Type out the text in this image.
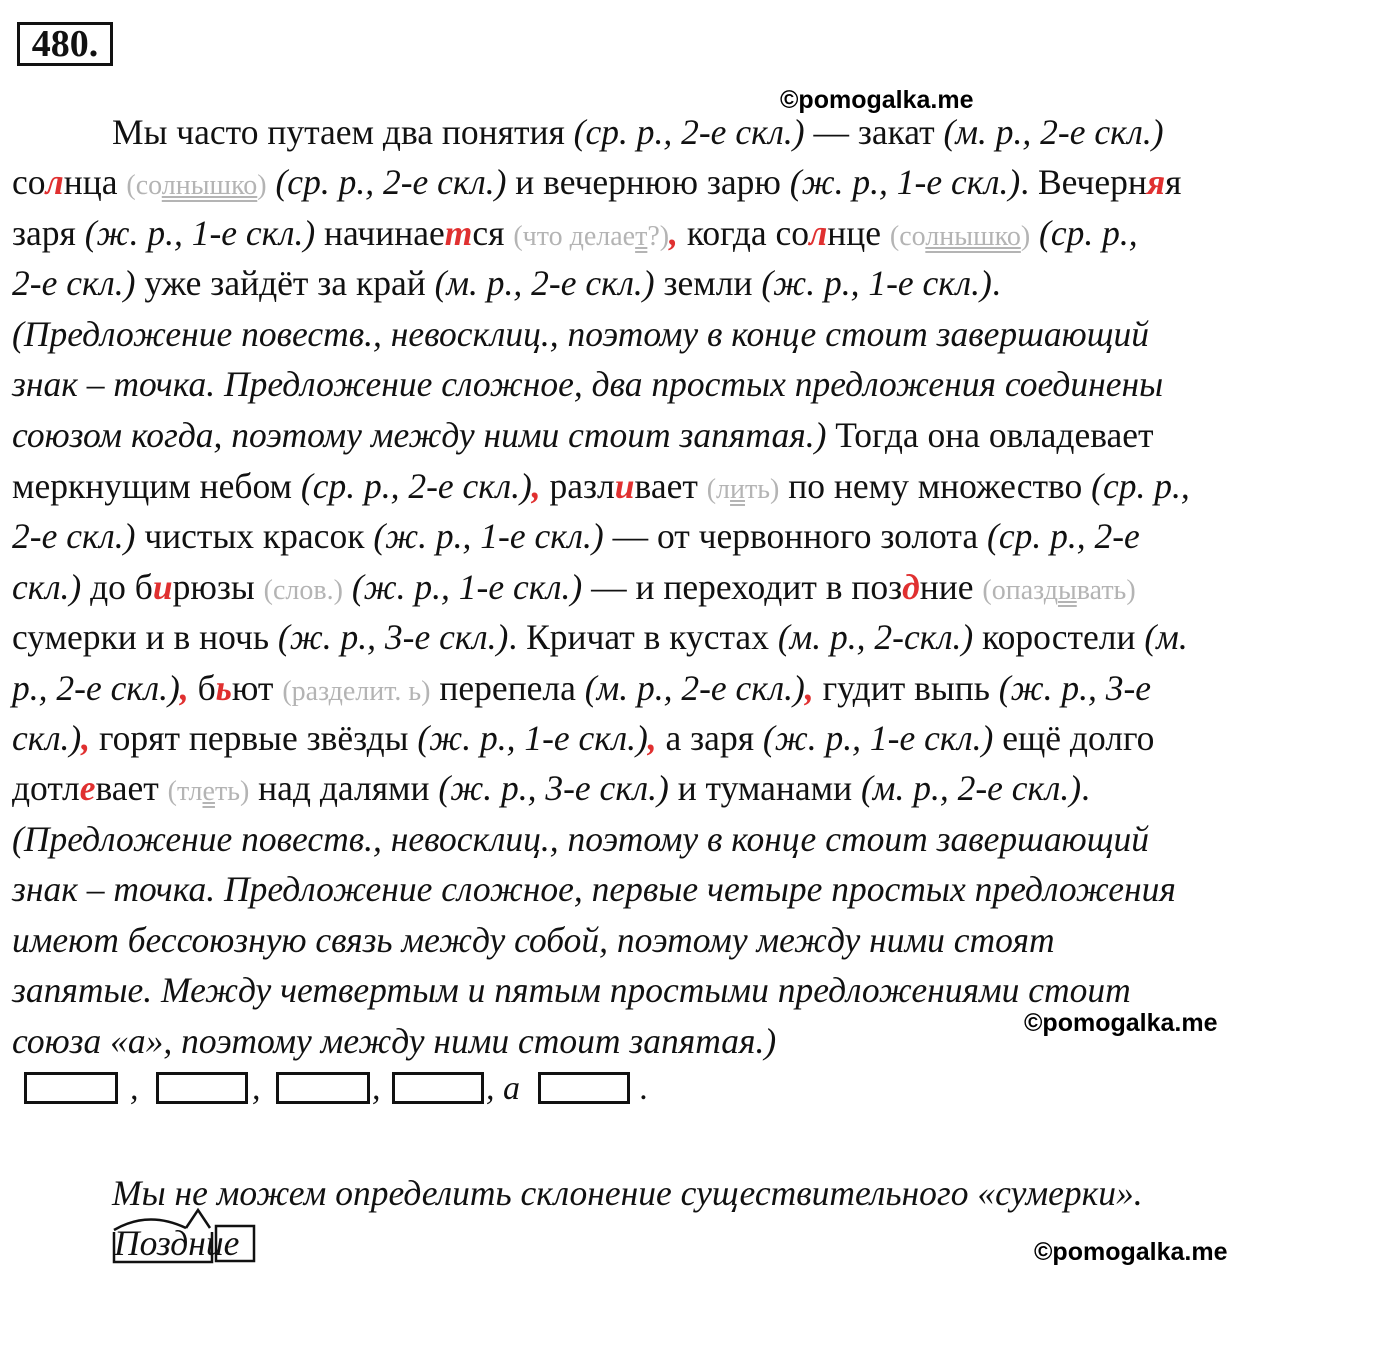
480.
©pomogalka.me
©pomogalka.me
©pomogalka.me
Мы часто путаем два понятия (ср. р., 2-е скл.) — закат (м. р., 2-е скл.)
солнца (солнышко) (ср. р., 2-е скл.) и вечернюю зарю (ж. р., 1-е скл.). Вечерняя
заря (ж. р., 1-е скл.) начинается (что делает?), когда солнце (солнышко) (ср. р.,
2-е скл.) уже зайдёт за край (м. р., 2-е скл.) земли (ж. р., 1-е скл.).
(Предложение повеств., невосклиц., поэтому в конце стоит завершающий
знак – точка. Предложение сложное, два простых предложения соединены
союзом когда, поэтому между ними стоит запятая.) Тогда она овладевает
меркнущим небом (ср. р., 2-е скл.), разливает (лить) по нему множество (ср. р.,
2-е скл.) чистых красок (ж. р., 1-е скл.) — от червонного золота (ср. р., 2-е
скл.) до бирюзы (слов.) (ж. р., 1-е скл.) — и переходит в поздние (опаздывать)
сумерки и в ночь (ж. р., 3-е скл.). Кричат в кустах (м. р., 2-скл.) коростели (м.
р., 2-е скл.), бьют (разделит. ь) перепела (м. р., 2-е скл.), гудит выпь (ж. р., 3-е
скл.), горят первые звёзды (ж. р., 1-е скл.), а заря (ж. р., 1-е скл.) ещё долго
дотлевает (тлеть) над далями (ж. р., 3-е скл.) и туманами (м. р., 2-е скл.).
(Предложение повеств., невосклиц., поэтому в конце стоит завершающий
знак – точка. Предложение сложное, первые четыре простых предложения
имеют бессоюзную связь между собой, поэтому между ними стоят
запятые. Между четвертым и пятым простыми предложениями стоит
союза «а», поэтому между ними стоит запятая.)
,	,	,	, а	.
Мы не можем определить склонение существительного «сумерки».
Поздние
